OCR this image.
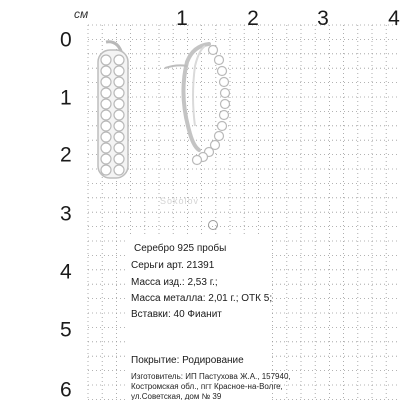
см	1	2	3	4
0
1
2
3
4
5
6
Sokolov
Серебро 925 пробы
Серьги арт. 21391
Масса изд.: 2,53 г.;
Масса металла: 2,01 г.; ОТК 5;
Вставки: 40 Фианит
Покрытие: Родирование
Изготовитель: ИП Пастухова Ж.А., 157940,
Костромская обл., пгт Красное-на-Волге,
ул.Советская, дом № 39
